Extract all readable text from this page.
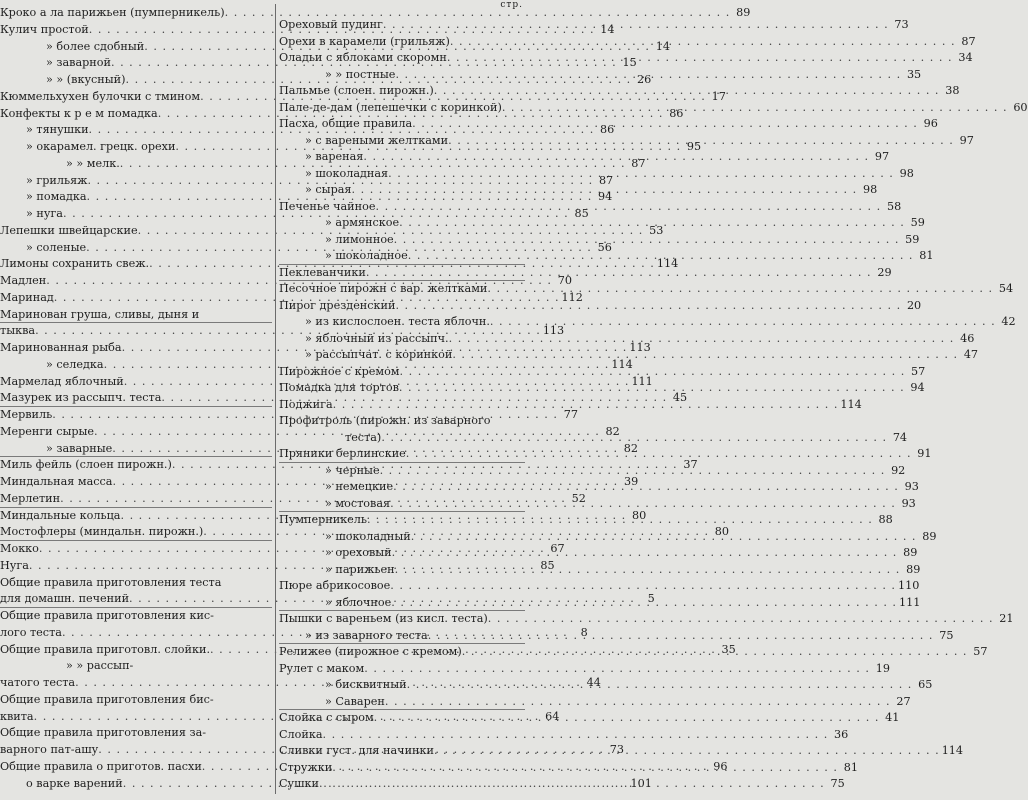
Кроко а ла парижьен (пумперникель) . . .	89
Кулич простой . . .	14
» более сдобный . . .	14
» заварной . . .	15
» » (вкусный) . . .	26
Кюммельхухен булочки с тмином . . .	17
Конфекты к р е м помадка . . .	86
» тянушки . . .	86
» окарамел. грецк. орехи . . .	95
» » мелк. . . .	87
» грильяж . . .	87
» помадка . . .	94
» нуга . . .	85
Лепешки швейцарские . . .	53
» соленые . . .	56
Лимоны сохранить свеж. . . .	114
Мадлен . . .	70
Маринад . . .	112
Маринован груша, сливы, дыня и
тыква . . .	113
Маринованная рыба . . .	113
» селедка . . .	114
Мармелад яблочный . . .	111
Мазурек из рассыпч. теста . . .	45
Мервиль . . .	77
Меренги сырые . . .	82
» заварные . . .	82
Миль фейль (слоен пирожн.) . . .	37
Миндальная масса . . .	39
Мерлетин . . .	52
Миндальные кольца . . .	80
Мостофлеры (миндальн. пирожн.) . . .	80
Мокко . . .	67
Нуга . . .	85
Общие правила приготовления теста
для домашн. печений . . .	5
Общие правила приготовления кис-
лого теста . . .	8
Общие правила приготовл. слойки. . . .	35
» » рассып-
чатого теста . . .	44
Общие правила приготовления бис-
квита . . .	64
Общие правила приготовления за-
варного пат-ашу . . .	73
Общие правила о приготов. пасхи . . .	96
о варке варений . . .	101
стр.
Ореховый пудинг . . .	73
Орехи в карамели (грильяж) . . .	87
Оладьи с яблоками скоромн . . .	34
» » постные . . .	35
Пальмье (слоен. пирожн.) . . .	38
Пале-де-дам (лепешечки с коринкой) . . .	60
Пасха, общие правила . . .	96
» с вареными желтками . . .	97
» вареная . . .	97
» шоколадная . . .	98
» сырая . . .	98
Печенье чайное . . .	58
» армянское . . .	59
» лимонное . . .	59
» шоколадное . . .	81
Пеклеванчики . . .	29
Песочное пирожн с вар. желтками . . .	54
Пирог дрезденский . . .	20
» из кислослоен. теста яблочн. . . .	42
» яблочный из рассыпч. . . .	46
» рассыпчат. с коринкой . . .	47
Пирожное с кремом . . .	57
Помадка для тортов . . .	94
Поджига . . .	114
Профитроль (пирожн. из заварного
теста) . . .	74
Пряники берлинские . . .	91
» черные . . .	92
» немецкие . . .	93
» мостовая . . .	93
Пумперникель . . .	88
» шоколадный . . .	89
» ореховый . . .	89
» парижьен . . .	89
Пюре абрикосовое . . .	110
» яблочное . . .	111
Пышки с вареньем (из кисл. теста) . . .	21
» из заварного теста . . .	75
Релижее (пирожное с кремом) . . .	57
Рулет с маком . . .	19
» бисквитный . . .	65
» Саварен . . .	27
Слойка с сыром . . .	41
Слойка . . .	36
Сливки густ. для начинки . . .	114
Стружки . . .	81
Сушки . . .	75
